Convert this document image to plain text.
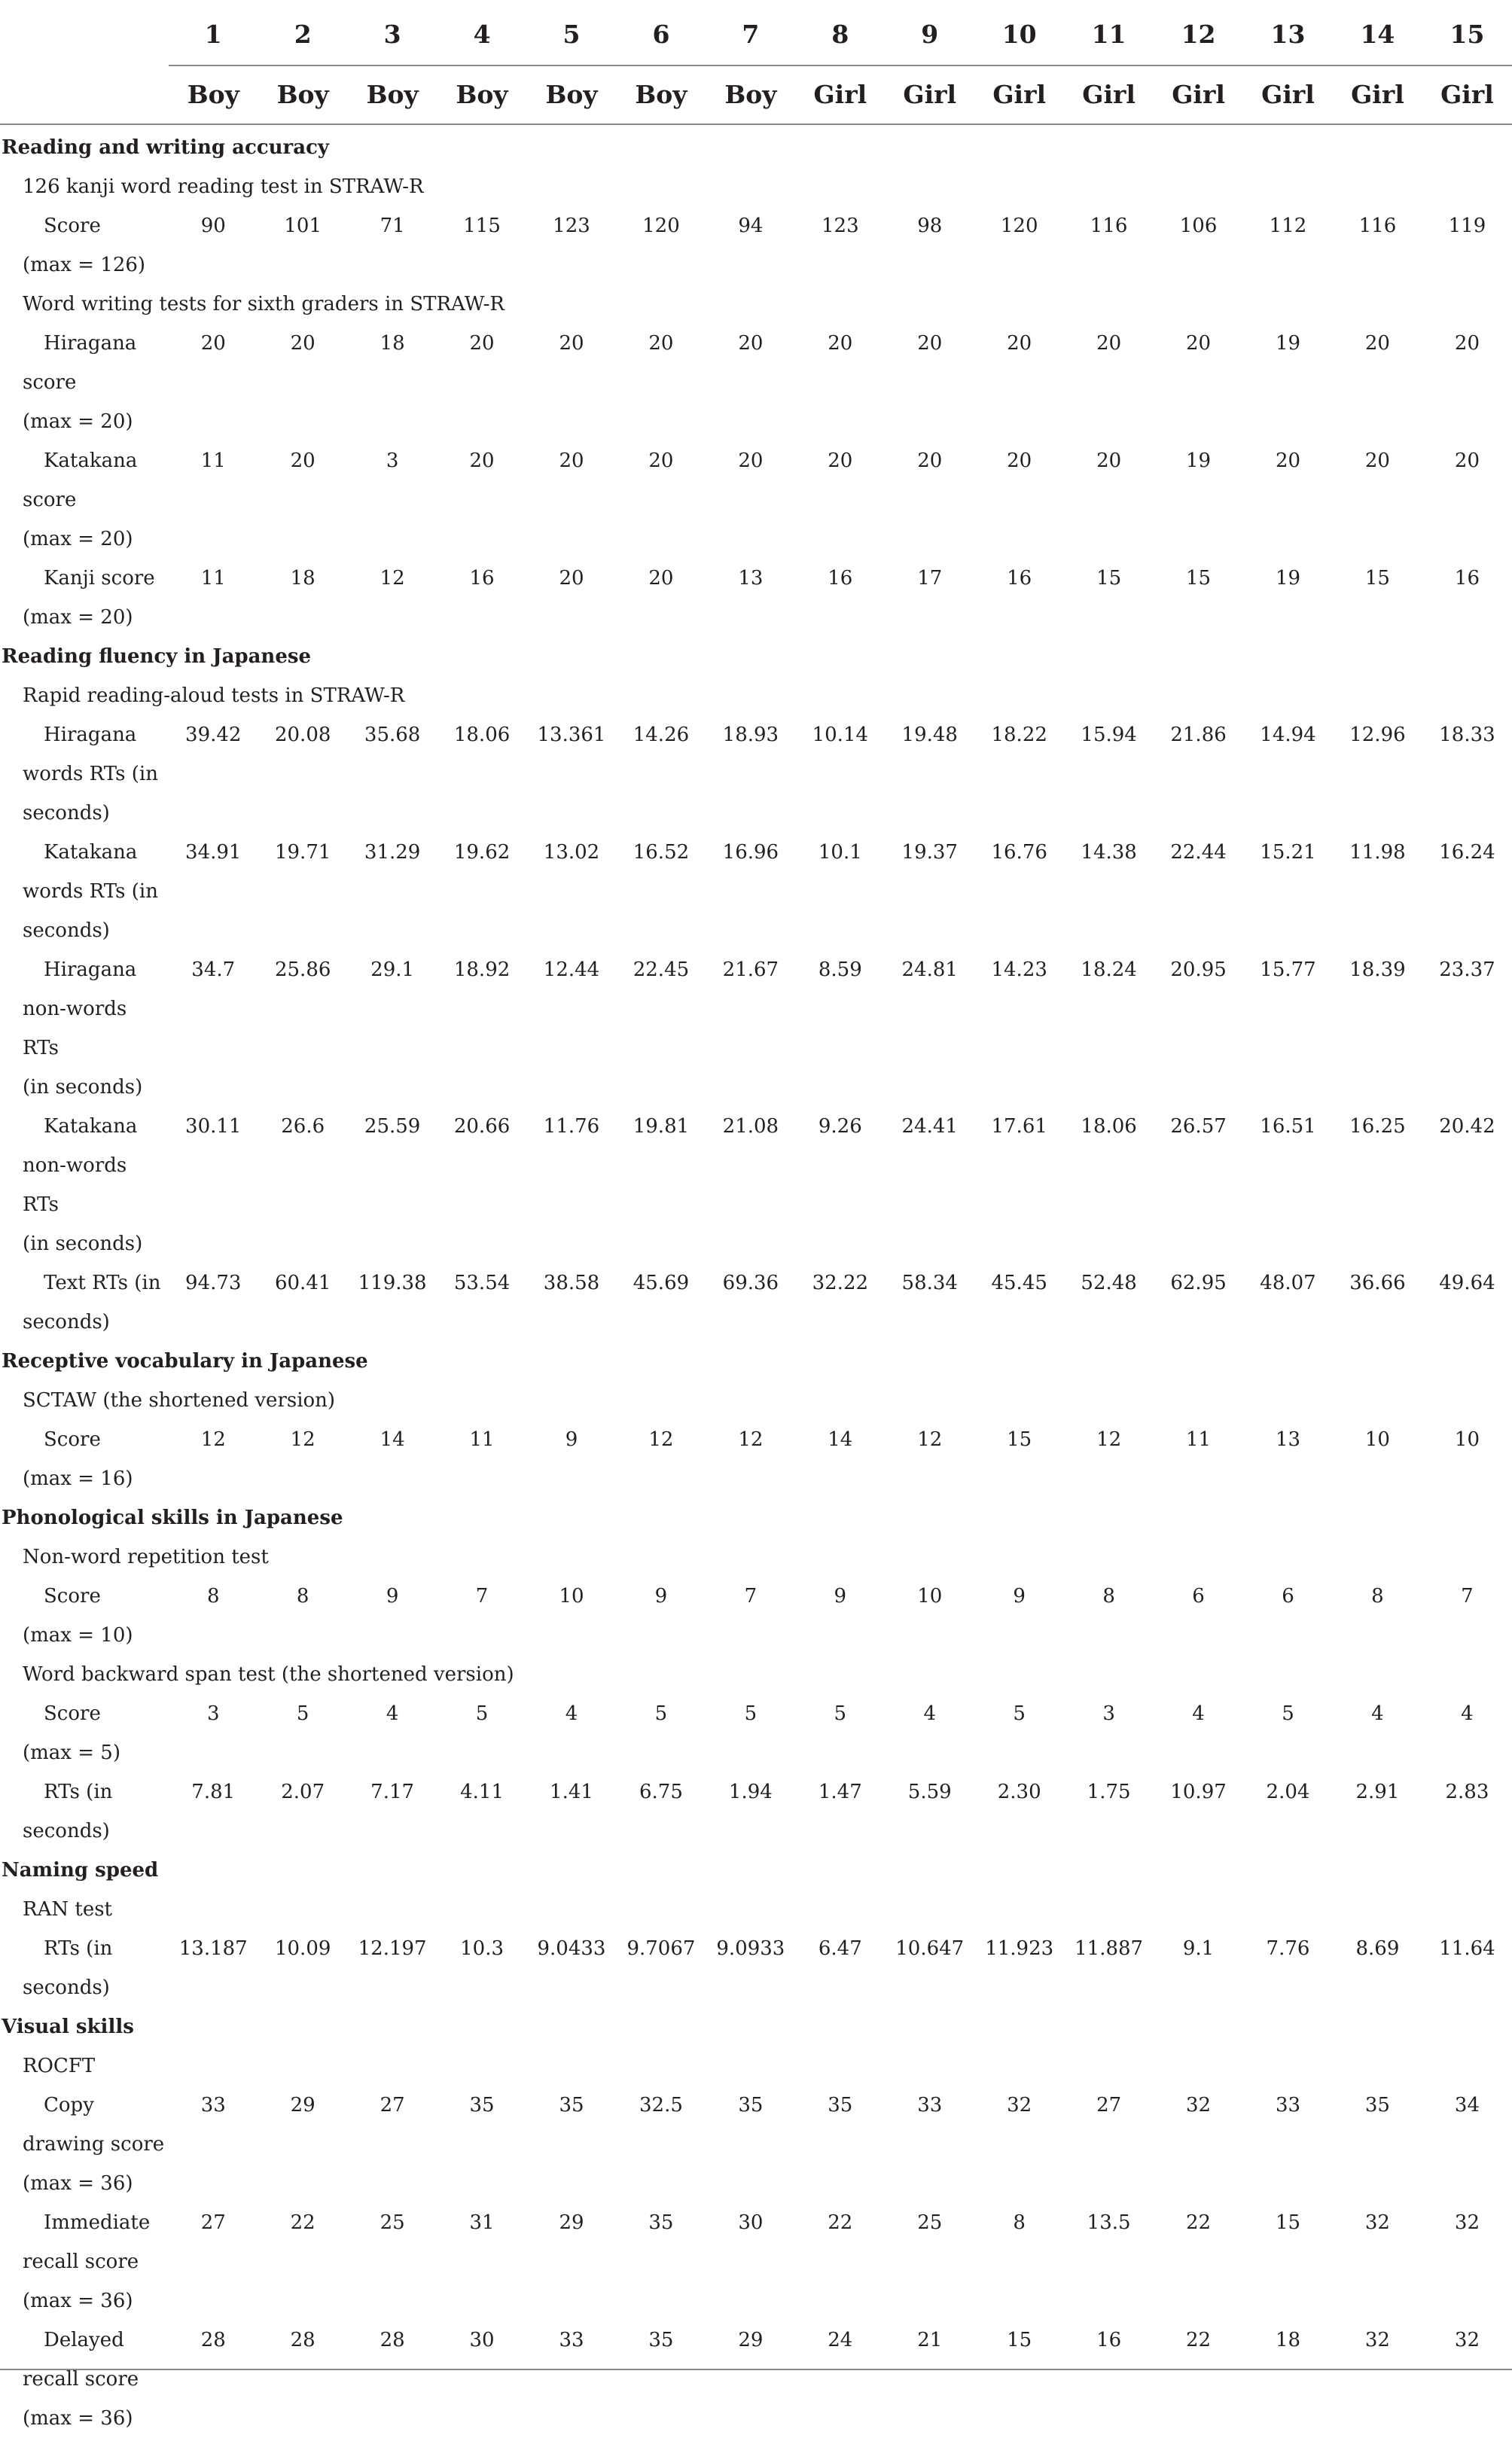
	1	2	3	4	5	6	7	8	9	10	11	12	13	14	15
	Boy	Boy	Boy	Boy	Boy	Boy	Boy	Girl	Girl	Girl	Girl	Girl	Girl	Girl	Girl
Reading and writing accuracy															
126 kanji word reading test in STRAW-R															
Score	90	101	71	115	123	120	94	123	98	120	116	106	112	116	119
(max = 126)															
Word writing tests for sixth graders in STRAW-R															
Hiragana	20	20	18	20	20	20	20	20	20	20	20	20	19	20	20
score															
(max = 20)															
Katakana	11	20	3	20	20	20	20	20	20	20	20	19	20	20	20
score															
(max = 20)															
Kanji score	11	18	12	16	20	20	13	16	17	16	15	15	19	15	16
(max = 20)															
Reading fluency in Japanese															
Rapid reading-aloud tests in STRAW-R															
Hiragana	39.42	20.08	35.68	18.06	13.361	14.26	18.93	10.14	19.48	18.22	15.94	21.86	14.94	12.96	18.33
words RTs (in															
seconds)															
Katakana	34.91	19.71	31.29	19.62	13.02	16.52	16.96	10.1	19.37	16.76	14.38	22.44	15.21	11.98	16.24
words RTs (in															
seconds)															
Hiragana	34.7	25.86	29.1	18.92	12.44	22.45	21.67	8.59	24.81	14.23	18.24	20.95	15.77	18.39	23.37
non-words RTs															
(in seconds)															
Katakana	30.11	26.6	25.59	20.66	11.76	19.81	21.08	9.26	24.41	17.61	18.06	26.57	16.51	16.25	20.42
non-words RTs															
(in seconds)															
Text RTs (in	94.73	60.41	119.38	53.54	38.58	45.69	69.36	32.22	58.34	45.45	52.48	62.95	48.07	36.66	49.64
seconds)															
Receptive vocabulary in Japanese															
SCTAW (the shortened version)															
Score	12	12	14	11	9	12	12	14	12	15	12	11	13	10	10
(max = 16)															
Phonological skills in Japanese															
Non-word repetition test															
Score	8	8	9	7	10	9	7	9	10	9	8	6	6	8	7
(max = 10)															
Word backward span test (the shortened version)															
Score	3	5	4	5	4	5	5	5	4	5	3	4	5	4	4
(max = 5)															
RTs (in	7.81	2.07	7.17	4.11	1.41	6.75	1.94	1.47	5.59	2.30	1.75	10.97	2.04	2.91	2.83
seconds)															
Naming speed															
RAN test															
RTs (in	13.187	10.09	12.197	10.3	9.0433	9.7067	9.0933	6.47	10.647	11.923	11.887	9.1	7.76	8.69	11.64
seconds)															
Visual skills															
ROCFT															
Copy	33	29	27	35	35	32.5	35	35	33	32	27	32	33	35	34
drawing score															
(max = 36)															
Immediate	27	22	25	31	29	35	30	22	25	8	13.5	22	15	32	32
recall score															
(max = 36)															
Delayed	28	28	28	30	33	35	29	24	21	15	16	22	18	32	32
recall score															
(max = 36)															
